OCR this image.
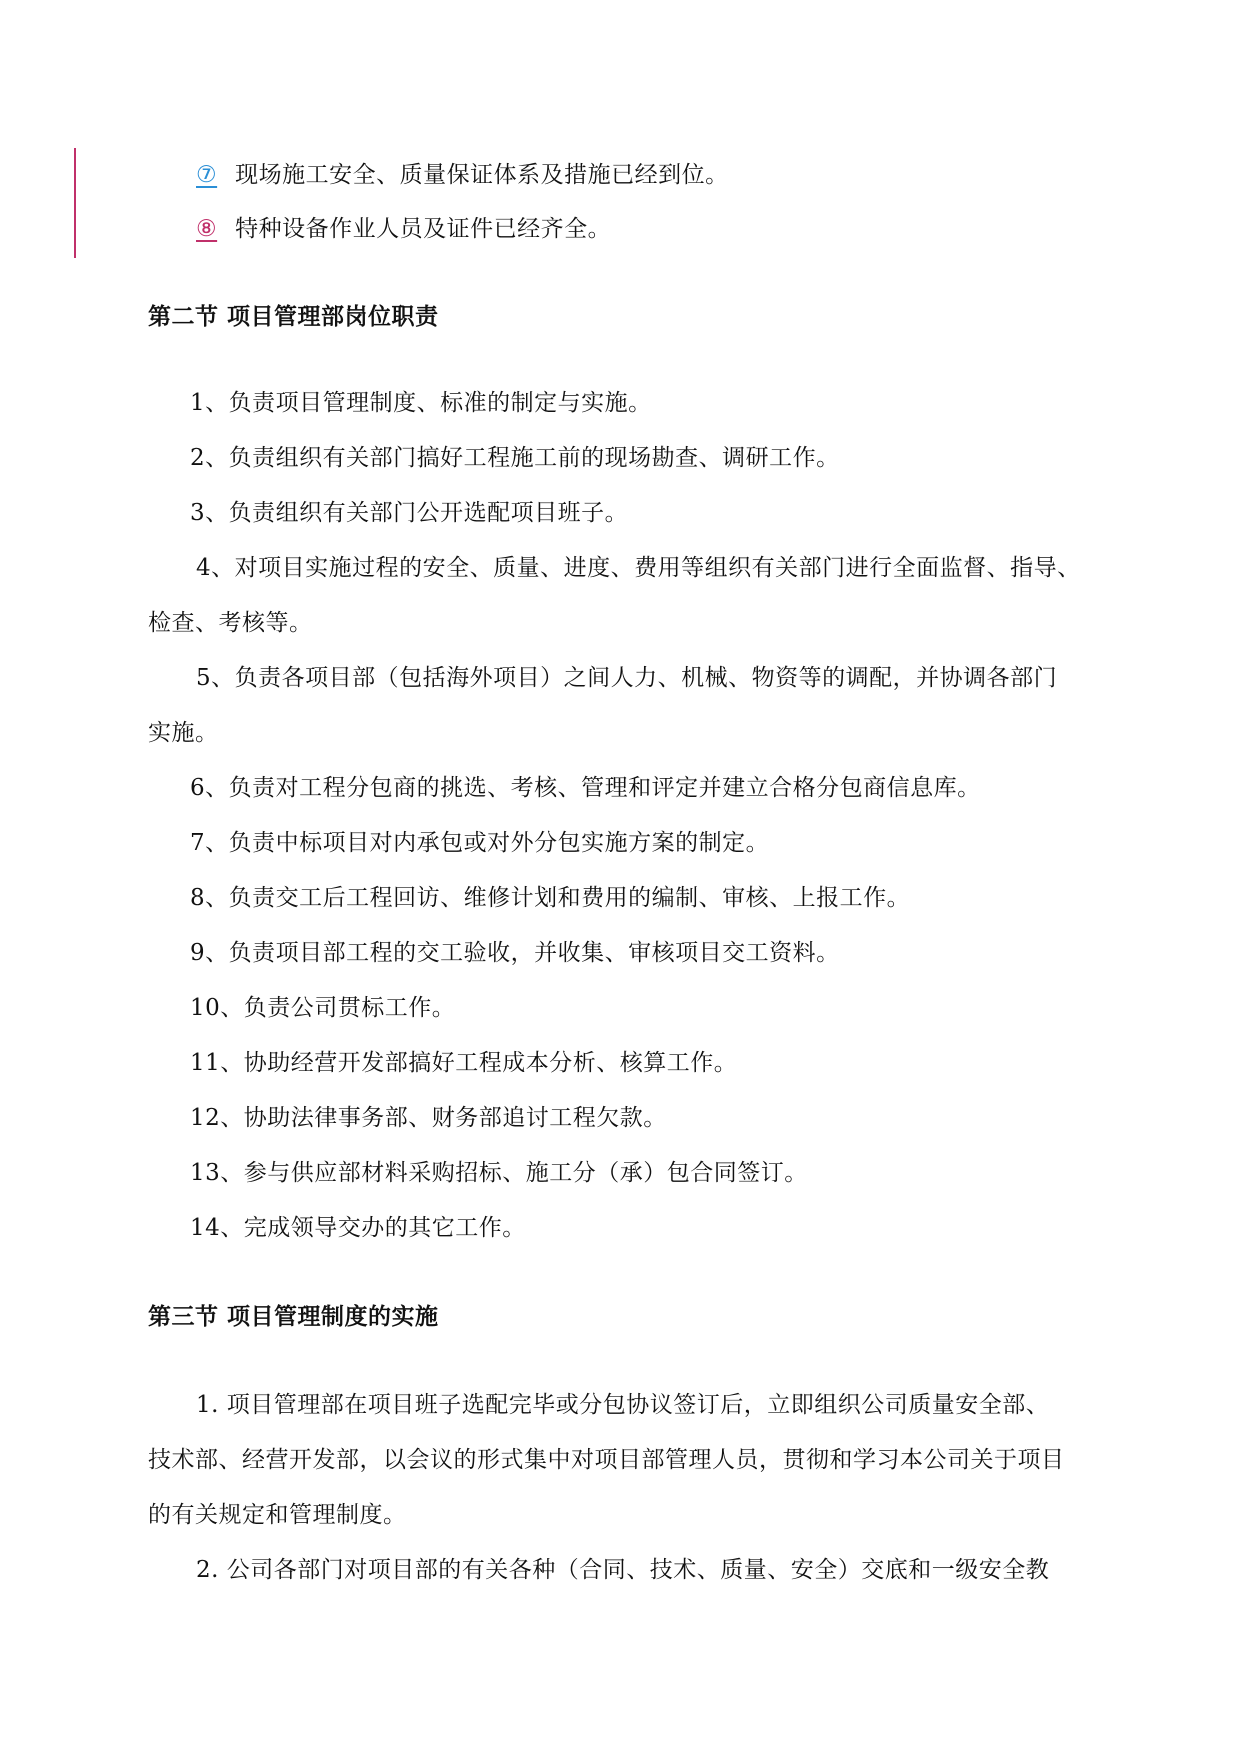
⑦ 现场施工安全、质量保证体系及措施已经到位。
⑧ 特种设备作业人员及证件已经齐全。
第二节 项目管理部岗位职责
1、负责项目管理制度、标准的制定与实施。
2、负责组织有关部门搞好工程施工前的现场勘查、调研工作。
3、负责组织有关部门公开选配项目班子。
4、对项目实施过程的安全、质量、进度、费用等组织有关部门进行全面监督、指导、
检查、考核等。
5、负责各项目部（包括海外项目）之间人力、机械、物资等的调配，并协调各部门
实施。
6、负责对工程分包商的挑选、考核、管理和评定并建立合格分包商信息库。
7、负责中标项目对内承包或对外分包实施方案的制定。
8、负责交工后工程回访、维修计划和费用的编制、审核、上报工作。
9、负责项目部工程的交工验收，并收集、审核项目交工资料。
10、负责公司贯标工作。
11、协助经营开发部搞好工程成本分析、核算工作。
12、协助法律事务部、财务部追讨工程欠款。
13、参与供应部材料采购招标、施工分（承）包合同签订。
14、完成领导交办的其它工作。
第三节 项目管理制度的实施
1. 项目管理部在项目班子选配完毕或分包协议签订后，立即组织公司质量安全部、
技术部、经营开发部，以会议的形式集中对项目部管理人员，贯彻和学习本公司关于项目
的有关规定和管理制度。
2. 公司各部门对项目部的有关各种（合同、技术、质量、安全）交底和一级安全教
